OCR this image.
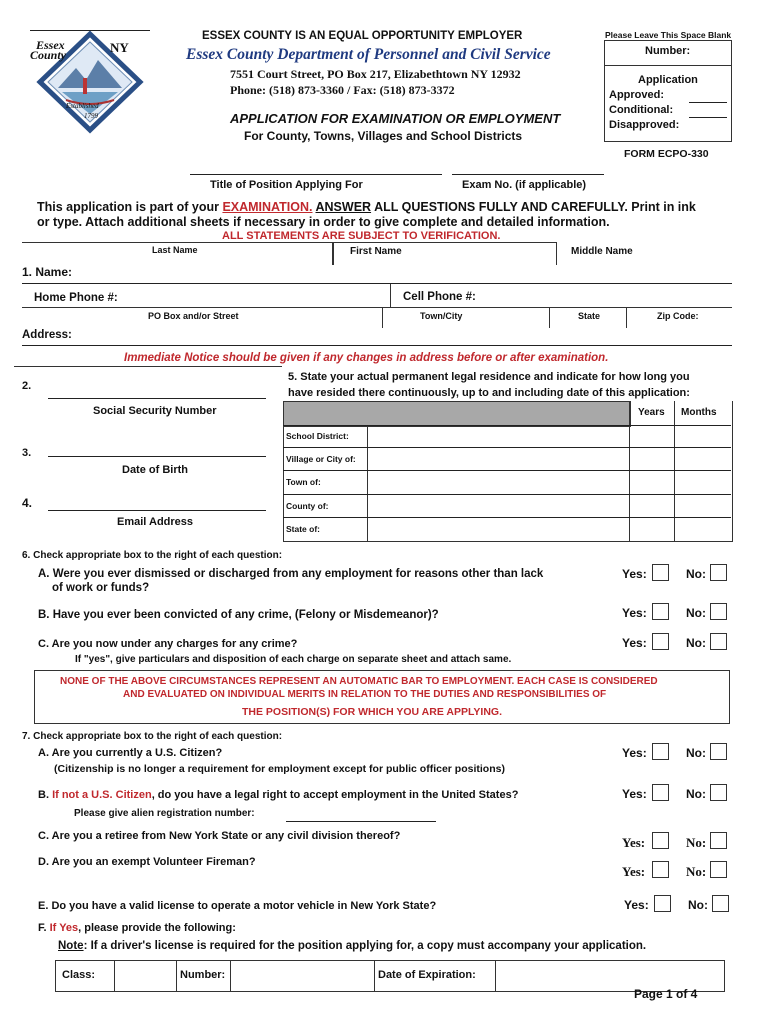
Essex
County	NY
Established
1799
ESSEX COUNTY IS AN EQUAL OPPORTUNITY EMPLOYER
Essex County Department of Personnel and Civil Service
7551 Court Street, PO Box 217, Elizabethtown NY 12932
Phone: (518) 873-3360 / Fax: (518) 873-3372
APPLICATION FOR EXAMINATION OR EMPLOYMENT
For County, Towns, Villages and School Districts
Please Leave This Space Blank
Number:
Application
Approved:
Conditional:
Disapproved:
FORM ECPO-330
Title of Position Applying For	Exam No. (if applicable)
This application is part of your EXAMINATION. ANSWER ALL QUESTIONS FULLY AND CAREFULLY. Print in ink
or type. Attach additional sheets if necessary in order to give complete and detailed information.
ALL STATEMENTS ARE SUBJECT TO VERIFICATION.
Last Name	First Name	Middle Name
1. Name:
Home Phone #:	Cell Phone #:
PO Box and/or Street	Town/City	State	Zip Code:
Address:
Immediate Notice should be given if any changes in address before or after examination.
2.
Social Security Number
3.
Date of Birth
4.
Email Address
5. State your actual permanent legal residence and indicate for how long you
have resided there continuously, up to and including date of this application:
Years Months
School District:
Village or City of:
Town of:
County of:
State of:
6. Check appropriate box to the right of each question:
A. Were you ever dismissed or discharged from any employment for reasons other than lack
of work or funds?
Yes:	No:
B. Have you ever been convicted of any crime, (Felony or Misdemeanor)?	Yes:	No:
C. Are you now under any charges for any crime?
If "yes", give particulars and disposition of each charge on separate sheet and attach same.
Yes:	No:
NONE OF THE ABOVE CIRCUMSTANCES REPRESENT AN AUTOMATIC BAR TO EMPLOYMENT. EACH CASE IS CONSIDERED
AND EVALUATED ON INDIVIDUAL MERITS IN RELATION TO THE DUTIES AND RESPONSIBILITIES OF
THE POSITION(S) FOR WHICH YOU ARE APPLYING.
7. Check appropriate box to the right of each question:
A. Are you currently a U.S. Citizen?
(Citizenship is no longer a requirement for employment except for public officer positions)
Yes:	No:
B. If not a U.S. Citizen, do you have a legal right to accept employment in the United States?	Yes:	No:
Please give alien registration number:
C. Are you a retiree from New York State or any civil division thereof?	Yes:	No:
D. Are you an exempt Volunteer Fireman?
Yes:	No:
E. Do you have a valid license to operate a motor vehicle in New York State?	Yes:	No:
F. If Yes, please provide the following:
Note: If a driver's license is required for the position applying for, a copy must accompany your application.
Class:	Number:	Date of Expiration:
Page 1 of 4
